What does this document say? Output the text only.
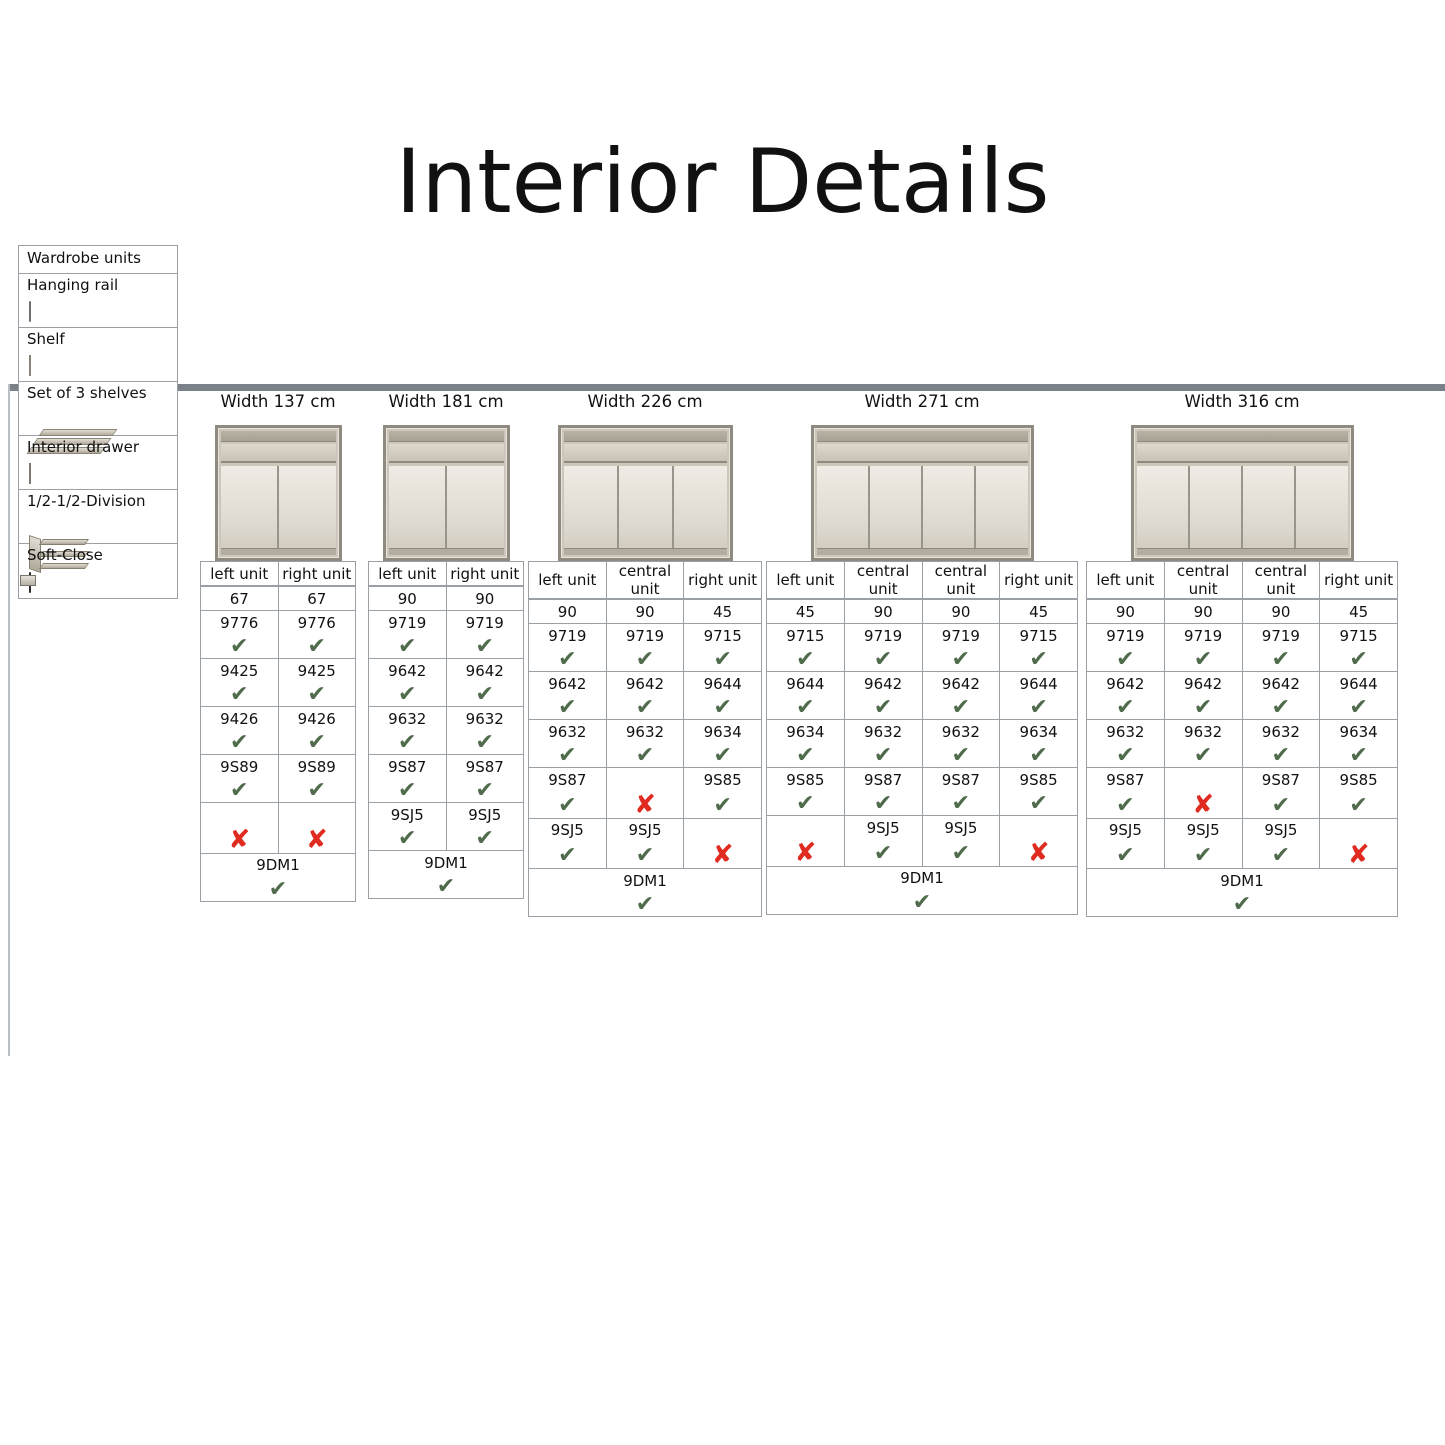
Interior Details
Wardrobe units
Hanging rail
Shelf
Set of 3 shelves
Interior drawer
1/2-1/2-Division
Soft-Close
Width 137 cm
left unit	right unit
67	67
9776	9776
✔	✔
9425	9425
✔	✔
9426	9426
✔	✔
9S89	9S89
✔	✔

✘	✘
9DM1	
✔	
Width 181 cm
left unit	right unit
90	90
9719	9719
✔	✔
9642	9642
✔	✔
9632	9632
✔	✔
9S87	9S87
✔	✔
9SJ5	9SJ5
✔	✔
9DM1	
✔	
Width 226 cm
left unit	central unit	right unit
90	90	45
9719	9719	9715
✔	✔	✔
9642	9642	9644
✔	✔	✔
9632	9632	9634
✔	✔	✔
9S87		9S85
✔	✘	✔
9SJ5	9SJ5	
✔	✔	✘
9DM1		
✔		
Width 271 cm
left unit	central unit	central unit	right unit
45	90	90	45
9715	9719	9719	9715
✔	✔	✔	✔
9644	9642	9642	9644
✔	✔	✔	✔
9634	9632	9632	9634
✔	✔	✔	✔
9S85	9S87	9S87	9S85
✔	✔	✔	✔
	9SJ5	9SJ5	
✘	✔	✔	✘
9DM1			
✔			
Width 316 cm
left unit	central unit	central unit	right unit
90	90	90	45
9719	9719	9719	9715
✔	✔	✔	✔
9642	9642	9642	9644
✔	✔	✔	✔
9632	9632	9632	9634
✔	✔	✔	✔
9S87		9S87	9S85
✔	✘	✔	✔
9SJ5	9SJ5	9SJ5	
✔	✔	✔	✘
9DM1			
✔			
